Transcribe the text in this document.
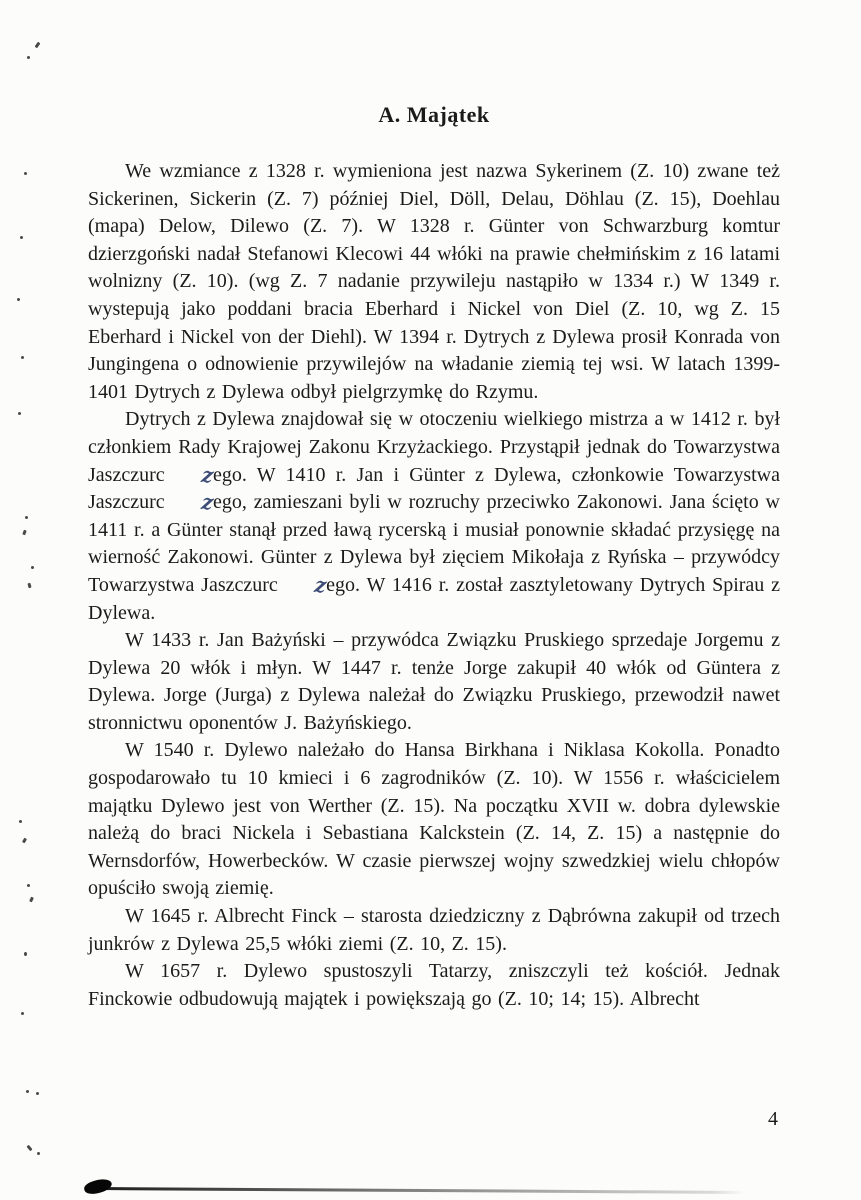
A. Majątek

We wzmiance z 1328 r. wymieniona jest nazwa Sykerinem (Z. 10) zwane też Sickerinen, Sickerin (Z. 7) później Diel, Döll, Delau, Döhlau (Z. 15), Doehlau (mapa) Delow, Dilewo (Z. 7). W 1328 r. Günter von Schwarzburg komtur dzierzgoński nadał Stefanowi Klecowi 44 włóki na prawie chełmińskim z 16 latami wolnizny (Z. 10). (wg Z. 7 nadanie przywileju nastąpiło w 1334 r.) W 1349 r. wystepują jako poddani bracia Eberhard i Nickel von Diel (Z. 10, wg Z. 15 Eberhard i Nickel von der Diehl). W 1394 r. Dytrych z Dylewa prosił Konrada von Jungingena o odnowienie przywilejów na władanie ziemią tej wsi. W latach 1399-1401 Dytrych z Dylewa odbył pielgrzymkę do Rzymu.

Dytrych z Dylewa znajdował się w otoczeniu wielkiego mistrza a w 1412 r. był członkiem Rady Krajowej Zakonu Krzyżackiego. Przystąpił jednak do Towarzystwa Jaszczurc zego. W 1410 r. Jan i Günter z Dylewa, członkowie Towarzystwa Jaszczurc zego, zamieszani byli w rozruchy przeciwko Zakonowi. Jana ścięto w 1411 r. a Günter stanął przed ławą rycerską i musiał ponownie składać przysięgę na wierność Zakonowi. Günter z Dylewa był zięciem Mikołaja z Ryńska – przywódcy Towarzystwa Jaszczurc zego. W 1416 r. został zasztyletowany Dytrych Spirau z Dylewa.

W 1433 r. Jan Bażyński – przywódca Związku Pruskiego sprzedaje Jorgemu z Dylewa 20 włók i młyn. W 1447 r. tenże Jorge zakupił 40 włók od Güntera z Dylewa. Jorge (Jurga) z Dylewa należał do Związku Pruskiego, przewodził nawet stronnictwu oponentów J. Bażyńskiego.

W 1540 r. Dylewo należało do Hansa Birkhana i Niklasa Kokolla. Ponadto gospodarowało tu 10 kmieci i 6 zagrodników (Z. 10). W 1556 r. właścicielem majątku Dylewo jest von Werther (Z. 15). Na początku XVII w. dobra dylewskie należą do braci Nickela i Sebastiana Kalckstein (Z. 14, Z. 15) a następnie do Wernsdorfów, Howerbecków. W czasie pierwszej wojny szwedzkiej wielu chłopów opuściło swoją ziemię.

W 1645 r. Albrecht Finck – starosta dziedziczny z Dąbrówna zakupił od trzech junkrów z Dylewa 25,5 włóki ziemi (Z. 10, Z. 15).

W 1657 r. Dylewo spustoszyli Tatarzy, zniszczyli też kościół. Jednak Finckowie odbudowują majątek i powiększają go (Z. 10; 14; 15). Albrecht

4
